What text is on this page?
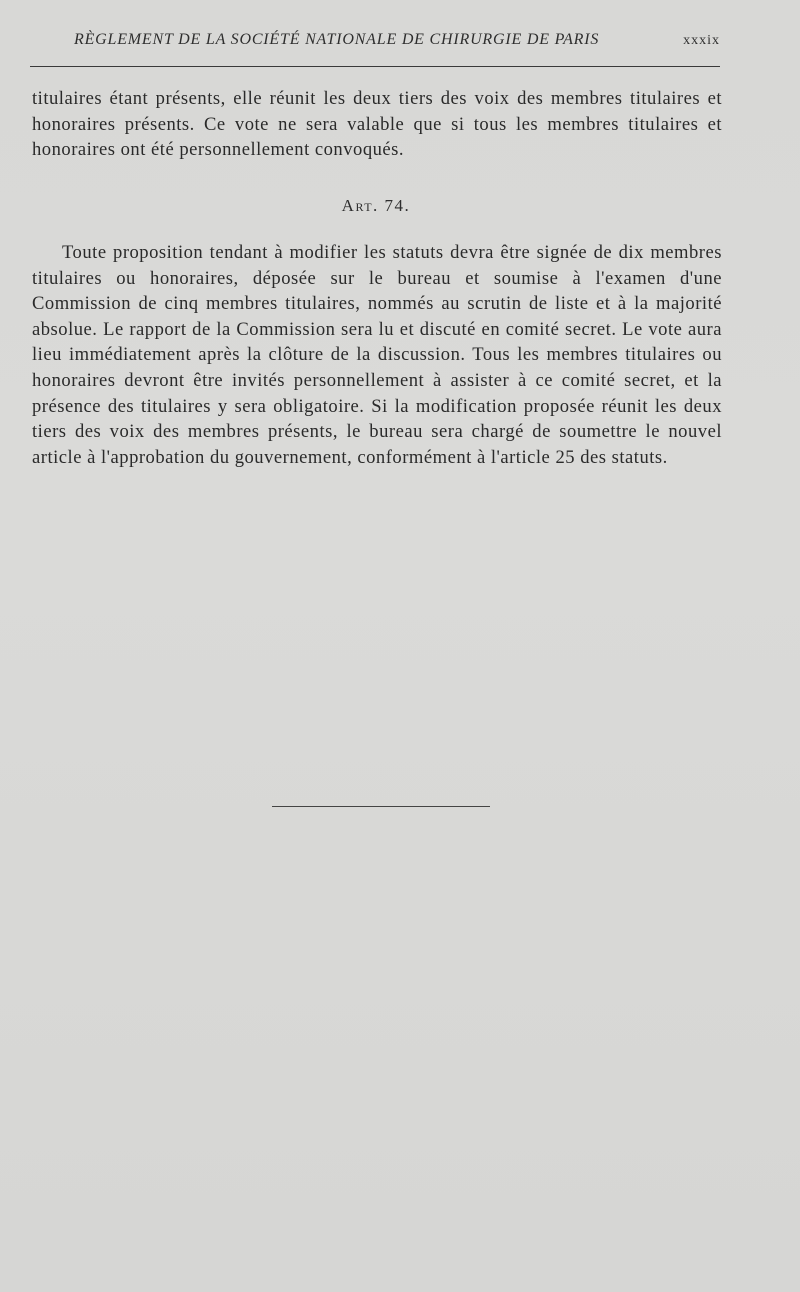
RÈGLEMENT DE LA SOCIÉTÉ NATIONALE DE CHIRURGIE DE PARIS	xxxix

titulaires étant présents, elle réunit les deux tiers des voix des membres titulaires et honoraires présents. Ce vote ne sera valable que si tous les membres titulaires et honoraires ont été personnellement convoqués.

Art. 74.

Toute proposition tendant à modifier les statuts devra être signée de dix membres titulaires ou honoraires, déposée sur le bureau et soumise à l'examen d'une Commission de cinq membres titulaires, nommés au scrutin de liste et à la majorité absolue. Le rapport de la Commission sera lu et discuté en comité secret. Le vote aura lieu immédiatement après la clôture de la discussion. Tous les membres titulaires ou honoraires devront être invités personnellement à assister à ce comité secret, et la présence des titulaires y sera obligatoire. Si la modification proposée réunit les deux tiers des voix des membres présents, le bureau sera chargé de soumettre le nouvel article à l'approbation du gouvernement, conformément à l'article 25 des statuts.
